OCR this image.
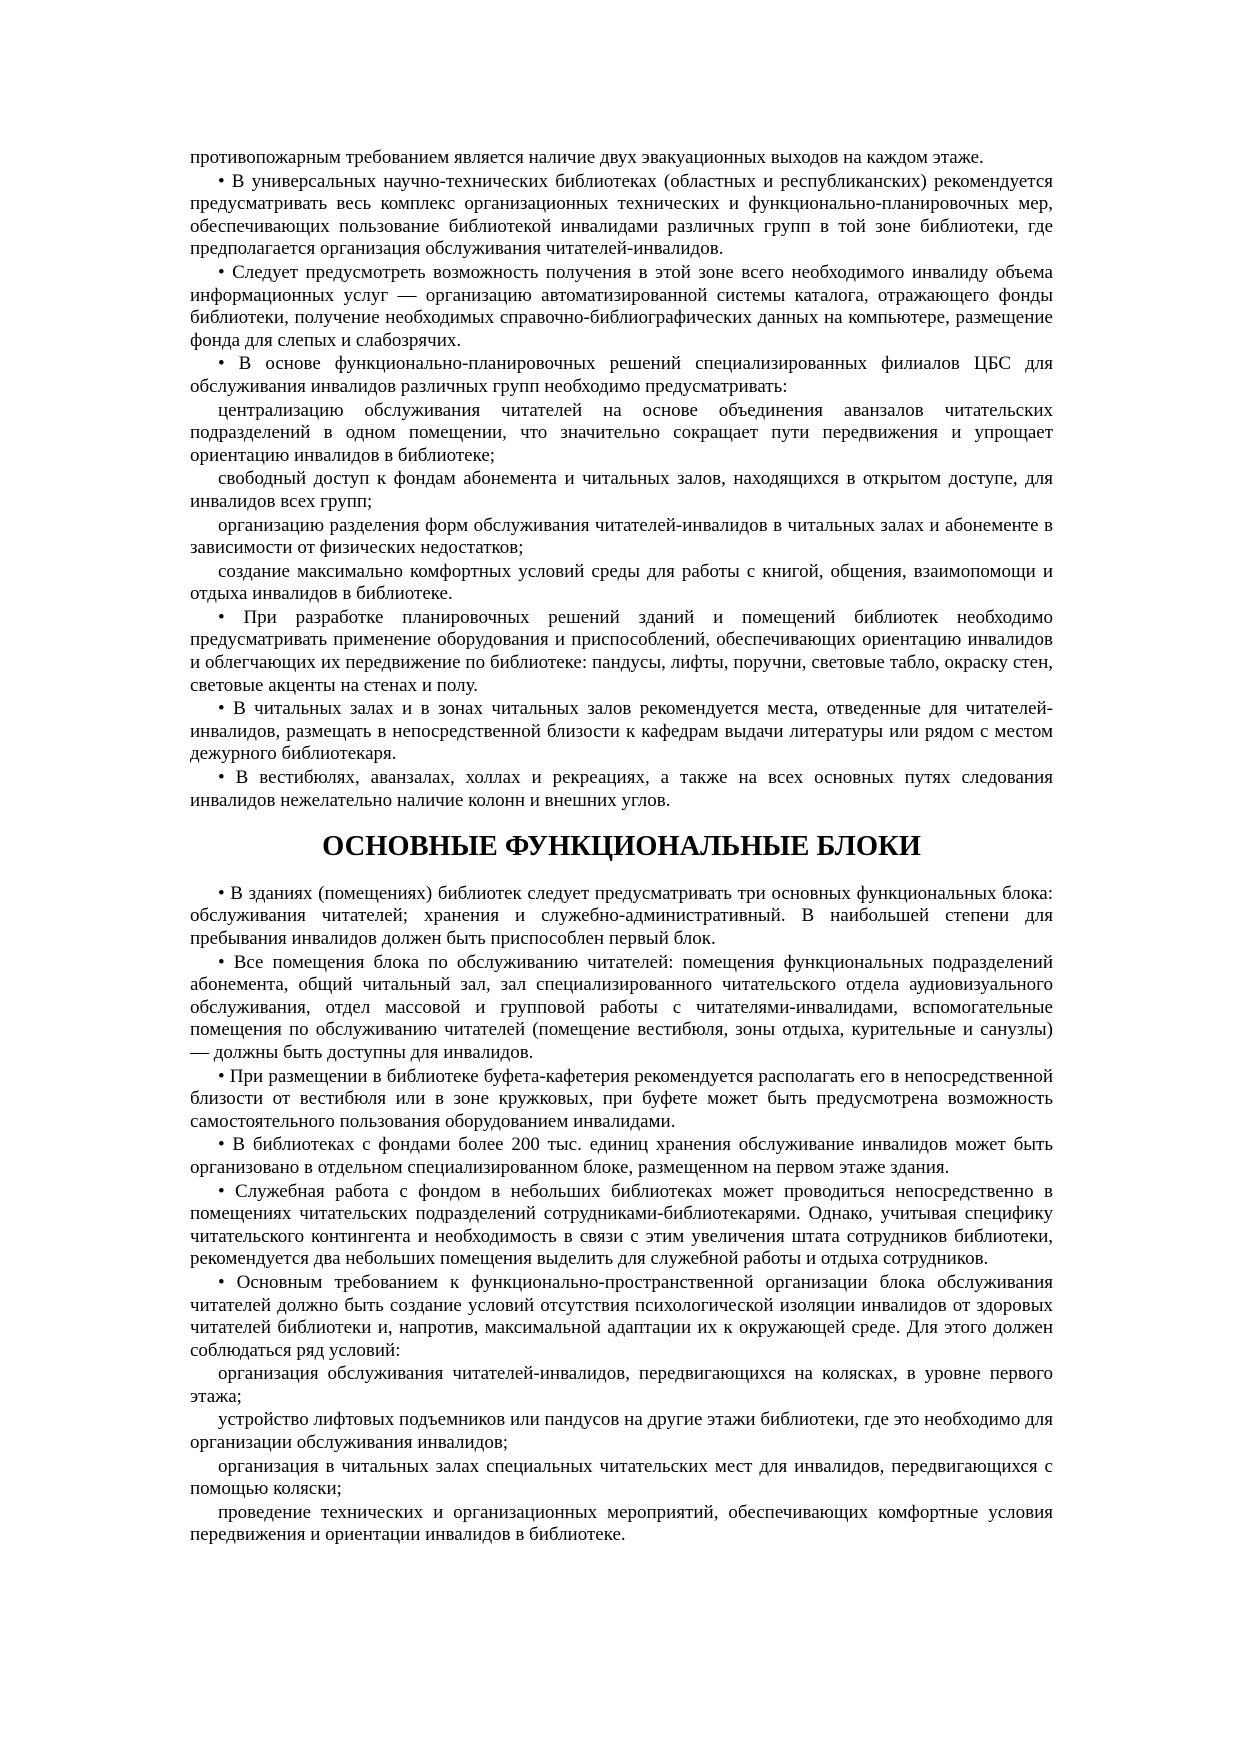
противопожарным требованием является наличие двух эвакуационных выходов на каждом этаже.

• В универсальных научно-технических библиотеках (областных и республиканских) рекомендуется предусматривать весь комплекс организационных технических и функционально-планировочных мер, обеспечивающих пользование библиотекой инвалидами различных групп в той зоне библиотеки, где предполагается организация обслуживания читателей-инвалидов.

• Следует предусмотреть возможность получения в этой зоне всего необходимого инвалиду объема информационных услуг — организацию автоматизированной системы каталога, отражающего фонды библиотеки, получение необходимых справочно-библиографических данных на компьютере, размещение фонда для слепых и слабозрячих.

• В основе функционально-планировочных решений специализированных филиалов ЦБС для обслуживания инвалидов различных групп необходимо предусматривать:

централизацию обслуживания читателей на основе объединения аванзалов читательских подразделений в одном помещении, что значительно сокращает пути передвижения и упрощает ориентацию инвалидов в библиотеке;

свободный доступ к фондам абонемента и читальных залов, находящихся в открытом доступе, для инвалидов всех групп;

организацию разделения форм обслуживания читателей-инвалидов в читальных залах и абонементе в зависимости от физических недостатков;

создание максимально комфортных условий среды для работы с книгой, общения, взаимопомощи и отдыха инвалидов в библиотеке.

• При разработке планировочных решений зданий и помещений библиотек необходимо предусматривать применение оборудования и приспособлений, обеспечивающих ориентацию инвалидов и облегчающих их передвижение по библиотеке: пандусы, лифты, поручни, световые табло, окраску стен, световые акценты на стенах и полу.

• В читальных залах и в зонах читальных залов рекомендуется места, отведенные для читателей-инвалидов, размещать в непосредственной близости к кафедрам выдачи литературы или рядом с местом дежурного библиотекаря.

• В вестибюлях, аванзалах, холлах и рекреациях, а также на всех основных путях следования инвалидов нежелательно наличие колонн и внешних углов.

ОСНОВНЫЕ ФУНКЦИОНАЛЬНЫЕ БЛОКИ

• В зданиях (помещениях) библиотек следует предусматривать три основных функциональных блока: обслуживания читателей; хранения и служебно-административный. В наибольшей степени для пребывания инвалидов должен быть приспособлен первый блок.

• Все помещения блока по обслуживанию читателей: помещения функциональных подразделений абонемента, общий читальный зал, зал специализированного читательского отдела аудиовизуального обслуживания, отдел массовой и групповой работы с читателями-инвалидами, вспомогательные помещения по обслуживанию читателей (помещение вестибюля, зоны отдыха, курительные и санузлы) — должны быть доступны для инвалидов.

• При размещении в библиотеке буфета-кафетерия рекомендуется располагать его в непосредственной близости от вестибюля или в зоне кружковых, при буфете может быть предусмотрена возможность самостоятельного пользования оборудованием инвалидами.

• В библиотеках с фондами более 200 тыс. единиц хранения обслуживание инвалидов может быть организовано в отдельном специализированном блоке, размещенном на первом этаже здания.

• Служебная работа с фондом в небольших библиотеках может проводиться непосредственно в помещениях читательских подразделений сотрудниками-библиотекарями. Однако, учитывая специфику читательского контингента и необходимость в связи с этим увеличения штата сотрудников библиотеки, рекомендуется два небольших помещения выделить для служебной работы и отдыха сотрудников.

• Основным требованием к функционально-пространственной организации блока обслуживания читателей должно быть создание условий отсутствия психологической изоляции инвалидов от здоровых читателей библиотеки и, напротив, максимальной адаптации их к окружающей среде. Для этого должен соблюдаться ряд условий:

организация обслуживания читателей-инвалидов, передвигающихся на колясках, в уровне первого этажа;

устройство лифтовых подъемников или пандусов на другие этажи библиотеки, где это необходимо для организации обслуживания инвалидов;

организация в читальных залах специальных читательских мест для инвалидов, передвигающихся с помощью коляски;

проведение технических и организационных мероприятий, обеспечивающих комфортные условия передвижения и ориентации инвалидов в библиотеке.
